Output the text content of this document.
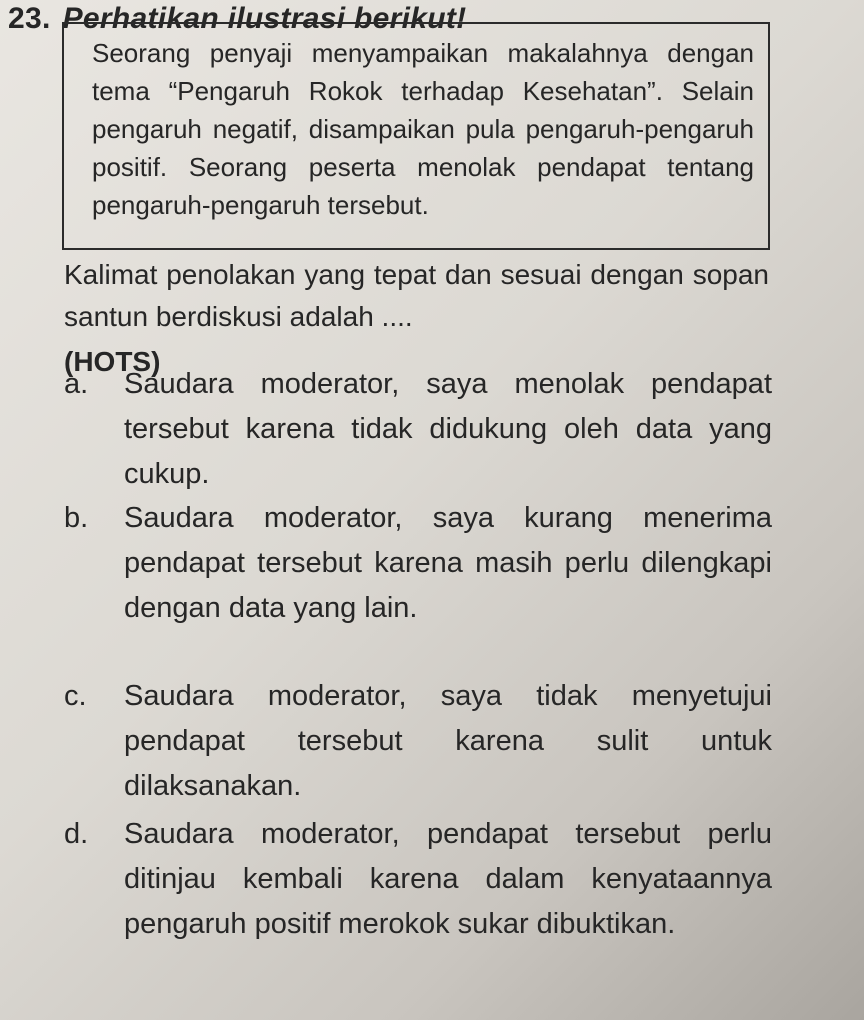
23. Perhatikan ilustrasi berikut!
Seorang penyaji menyampaikan makalahnya dengan tema “Pengaruh Rokok terhadap Kesehatan”. Selain pengaruh negatif, disampaikan pula pengaruh-pengaruh positif. Seorang peserta menolak pendapat tentang pengaruh-pengaruh tersebut.
Kalimat penolakan yang tepat dan sesuai dengan sopan santun berdiskusi adalah ....
(HOTS)
a. Saudara moderator, saya menolak pendapat tersebut karena tidak didukung oleh data yang cukup.
b. Saudara moderator, saya kurang menerima pendapat tersebut karena masih perlu dilengkapi dengan data yang lain.
c. Saudara moderator, saya tidak menyetujui pendapat tersebut karena sulit untuk dilaksanakan.
d. Saudara moderator, pendapat tersebut perlu ditinjau kembali karena dalam kenyataannya pengaruh positif merokok sukar dibuktikan.
